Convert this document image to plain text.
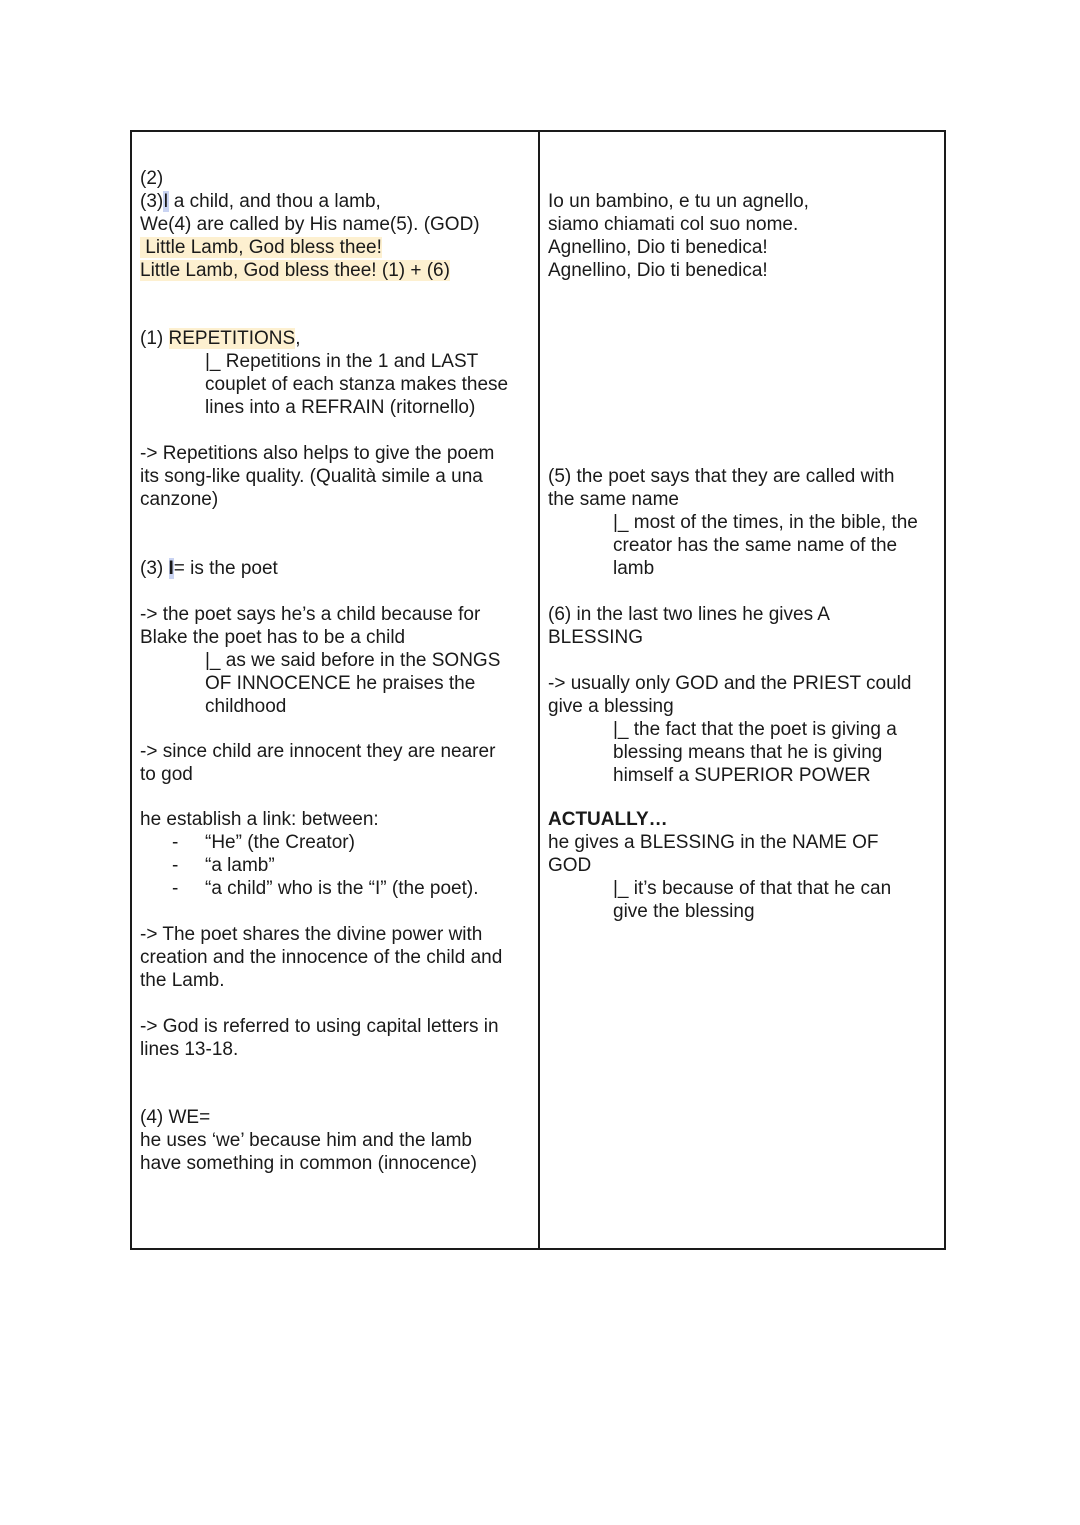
(2)
(3)I a child, and thou a lamb,
We(4) are called by His name(5). (GOD)
Little Lamb, God bless thee!
Little Lamb, God bless thee! (1) + (6)
(1) REPETITIONS,
|_ Repetitions in the 1 and LAST
couplet of each stanza makes these
lines into a REFRAIN (ritornello)
-> Repetitions also helps to give the poem
its song-like quality. (Qualità simile a una
canzone)
(3) I= is the poet
-> the poet says he’s a child because for
Blake the poet has to be a child
|_ as we said before in the SONGS
OF INNOCENCE he praises the
childhood
-> since child are innocent they are nearer
to god
he establish a link: between:
- “He” (the Creator)
- “a lamb”
- “a child” who is the “I” (the poet).
-> The poet shares the divine power with
creation and the innocence of the child and
the Lamb.
-> God is referred to using capital letters in
lines 13-18.
(4) WE=
he uses ‘we’ because him and the lamb
have something in common (innocence)
Io un bambino, e tu un agnello,
siamo chiamati col suo nome.
Agnellino, Dio ti benedica!
Agnellino, Dio ti benedica!
(5) the poet says that they are called with
the same name
|_ most of the times, in the bible, the
creator has the same name of the
lamb
(6) in the last two lines he gives A
BLESSING
-> usually only GOD and the PRIEST could
give a blessing
|_ the fact that the poet is giving a
blessing means that he is giving
himself a SUPERIOR POWER
ACTUALLY…
he gives a BLESSING in the NAME OF
GOD
|_ it’s because of that that he can
give the blessing
